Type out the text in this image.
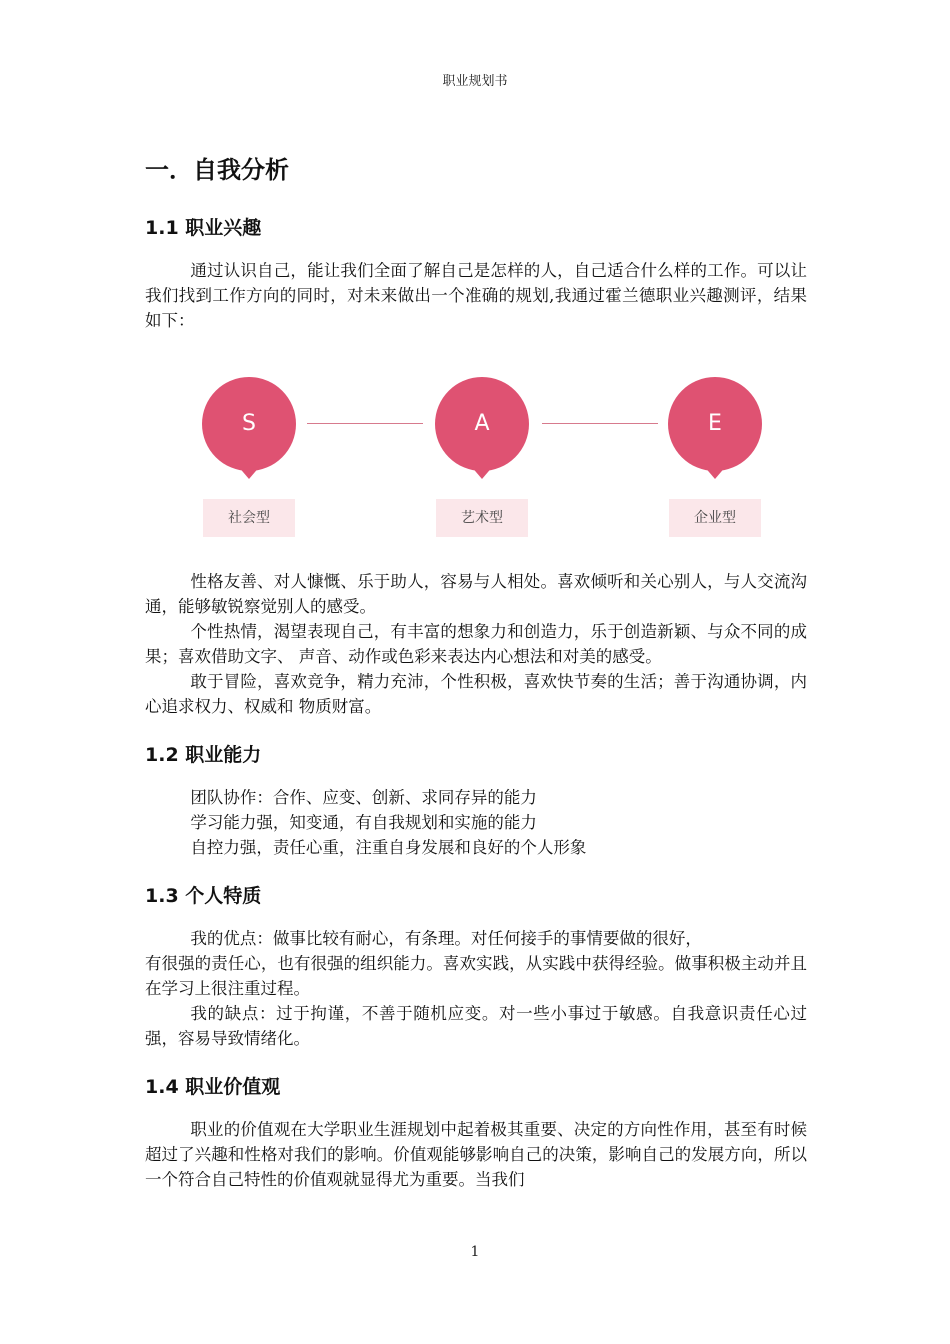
职业规划书
一．自我分析
1.1 职业兴趣

通过认识自己，能让我们全面了解自己是怎样的人，自己适合什么样的工作。可以让我们找到工作方向的同时，对未来做出一个准确的规划,我通过霍兰德职业兴趣测评，结果如下：

S
社会型
A
艺术型
E
企业型

性格友善、对人慷慨、乐于助人，容易与人相处。喜欢倾听和关心别人，与人交流沟通，能够敏锐察觉别人的感受。

个性热情，渴望表现自己，有丰富的想象力和创造力，乐于创造新颖、与众不同的成果；喜欢借助文字、 声音、动作或色彩来表达内心想法和对美的感受。

敢于冒险，喜欢竞争，精力充沛，个性积极，喜欢快节奏的生活；善于沟通协调，内心追求权力、权威和 物质财富。

1.2 职业能力

团队协作：合作、应变、创新、求同存异的能力

学习能力强，知变通，有自我规划和实施的能力

自控力强，责任心重，注重自身发展和良好的个人形象

1.3 个人特质

我的优点：做事比较有耐心，有条理。对任何接手的事情要做的很好，

有很强的责任心，也有很强的组织能力。喜欢实践，从实践中获得经验。做事积极主动并且在学习上很注重过程。

我的缺点：过于拘谨，不善于随机应变。对一些小事过于敏感。自我意识责任心过强，容易导致情绪化。

1.4 职业价值观

职业的价值观在大学职业生涯规划中起着极其重要、决定的方向性作用，甚至有时候超过了兴趣和性格对我们的影响。价值观能够影响自己的决策，影响自己的发展方向，所以一个符合自己特性的价值观就显得尤为重要。当我们

1
